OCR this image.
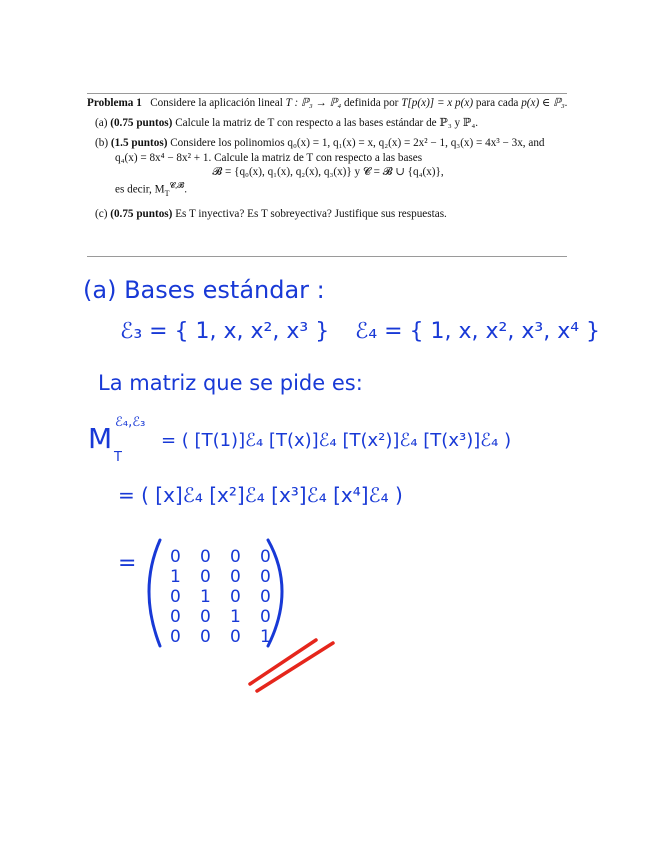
Problema 1 Considere la aplicación lineal T : ℙ₃ → ℙ₄ definida por T[p(x)] = x p(x) para cada p(x) ∈ ℙ₃.

(a) (0.75 puntos) Calcule la matriz de T con respecto a las bases estándar de ℙ₃ y ℙ₄.

(b) (1.5 puntos) Considere los polinomios q₀(x) = 1, q₁(x) = x, q₂(x) = 2x² − 1, q₃(x) = 4x³ − 3x, and q₄(x) = 8x⁴ − 8x² + 1. Calcule la matriz de T con respecto a las bases

𝓑 = {q₀(x), q₁(x), q₂(x), q₃(x)} y 𝓒 = 𝓑 ∪ {q₄(x)},

es decir, $M_T^{𝓒,𝓑}$.

(c) (0.75 puntos) Es T inyectiva? Es T sobreyectiva? Justifique sus respuestas.

(a) Bases estándar :
ℰ₃ = { 1, x, x², x³ } ℰ₄ = { 1, x, x², x³, x⁴ }
La matriz que se pide es:
M ℰ₄,ℰ₃
T
= ( [T(1)]ℰ₄ [T(x)]ℰ₄ [T(x²)]ℰ₄ [T(x³)]ℰ₄ )
= ( [x]ℰ₄ [x²]ℰ₄ [x³]ℰ₄ [x⁴]ℰ₄ )
= 0 0 0 0
1 0 0 0
0 1 0 0
0 0 1 0
0 0 0 1
